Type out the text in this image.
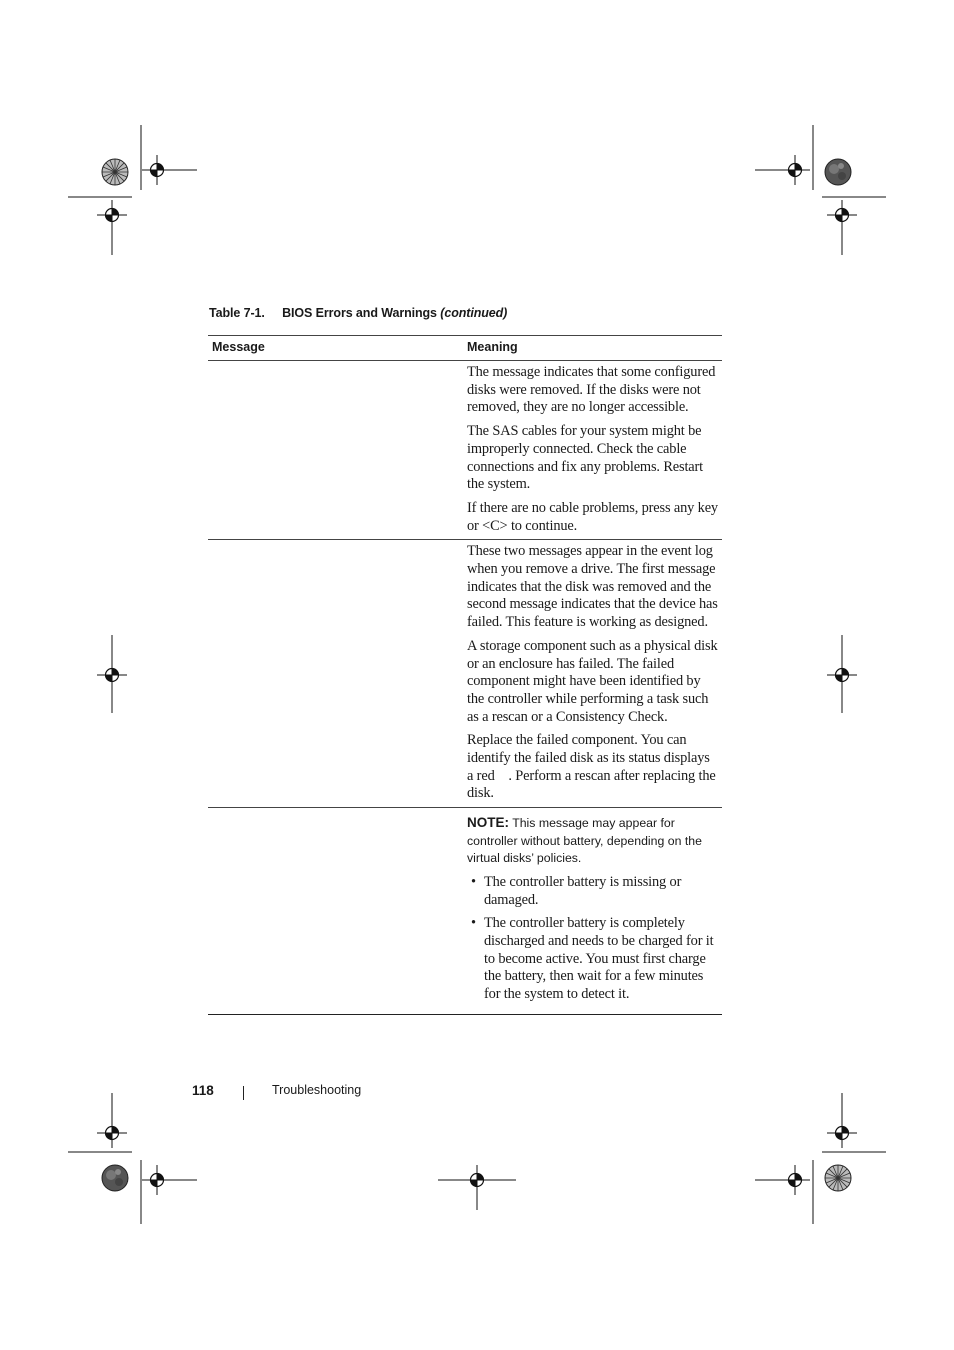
Table 7-1. BIOS Errors and Warnings (continued)
Message	Meaning

The message indicates that some configured disks were removed. If the disks were not removed, they are no longer accessible.

The SAS cables for your system might be improperly connected. Check the cable connections and fix any problems. Restart the system.

If there are no cable problems, press any key or <C> to continue.

These two messages appear in the event log when you remove a drive. The first message indicates that the disk was removed and the second message indicates that the device has failed. This feature is working as designed.

A storage component such as a physical disk or an enclosure has failed. The failed component might have been identified by the controller while performing a task such as a rescan or a Consistency Check.

Replace the failed component. You can identify the failed disk as its status displays a red    . Perform a rescan after replacing the disk.

NOTE: This message may appear for controller without battery, depending on the virtual disks’ policies.

• The controller battery is missing or damaged.
• The controller battery is completely discharged and needs to be charged for it to become active. You must first charge the battery, then wait for a few minutes for the system to detect it.
118	Troubleshooting
